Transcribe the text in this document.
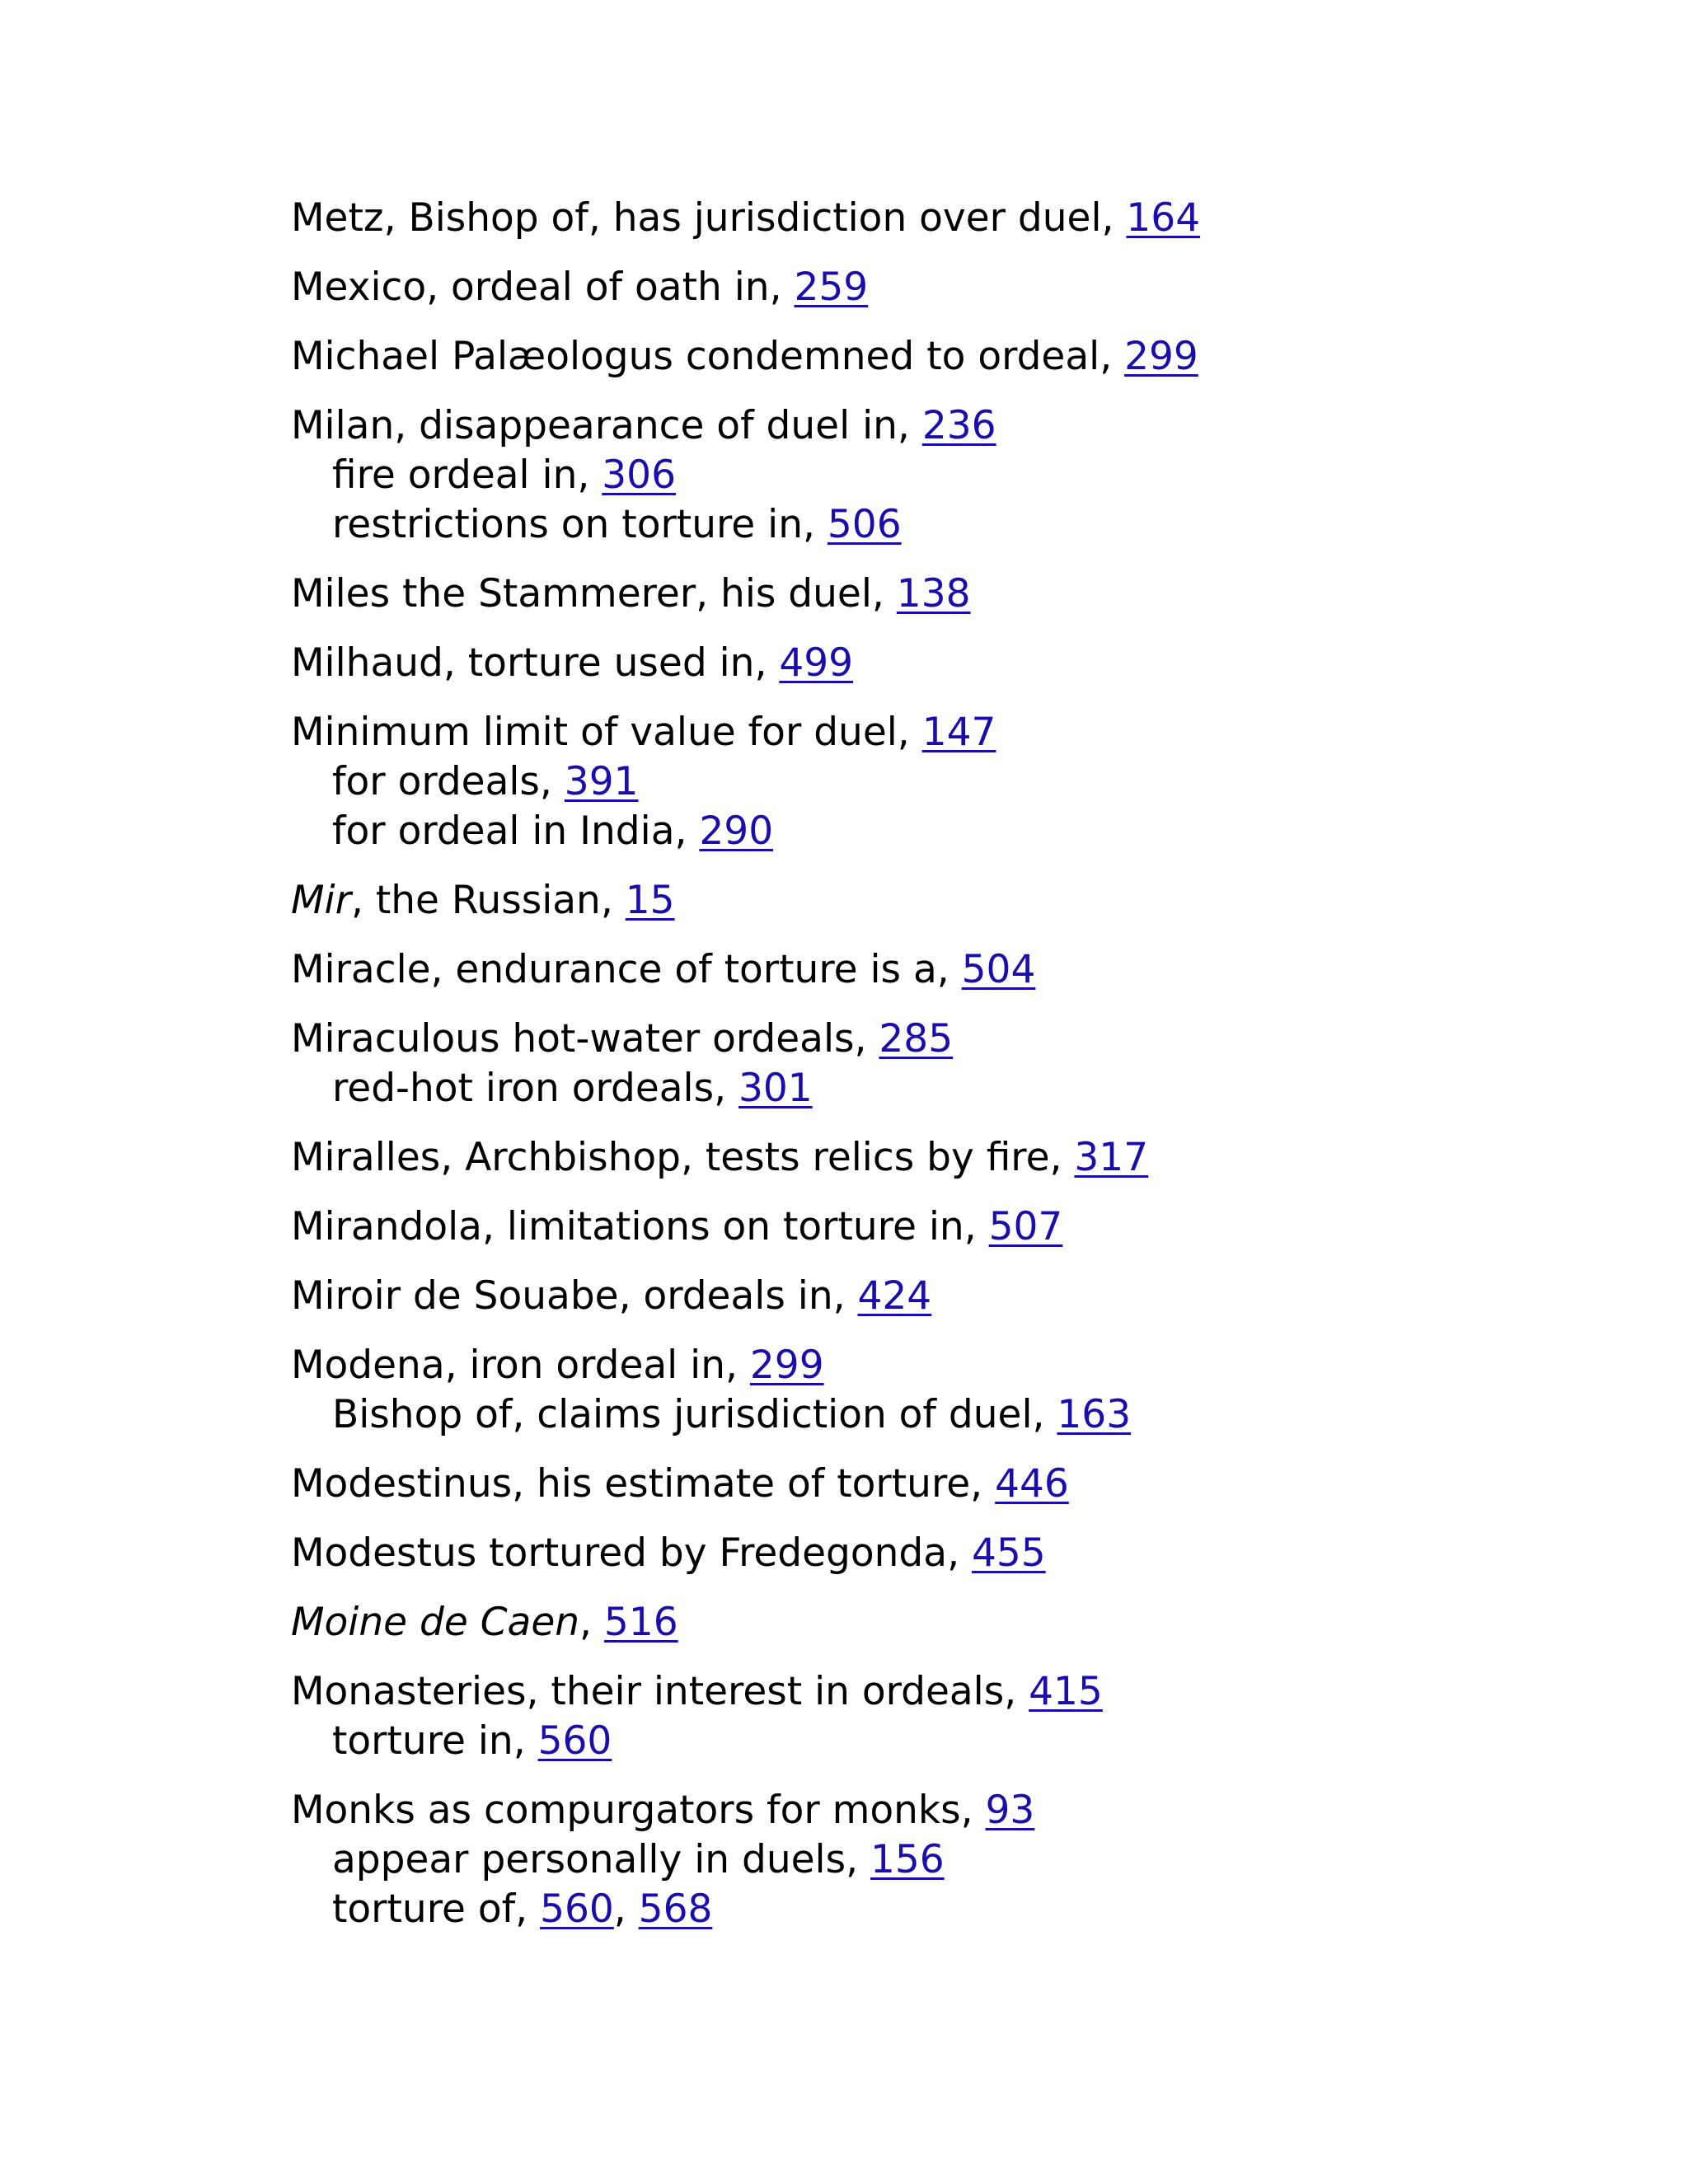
Metz, Bishop of, has jurisdiction over duel, 164
Mexico, ordeal of oath in, 259
Michael Palæologus condemned to ordeal, 299
Milan, disappearance of duel in, 236
fire ordeal in, 306
restrictions on torture in, 506
Miles the Stammerer, his duel, 138
Milhaud, torture used in, 499
Minimum limit of value for duel, 147
for ordeals, 391
for ordeal in India, 290
Mir, the Russian, 15
Miracle, endurance of torture is a, 504
Miraculous hot-water ordeals, 285
red-hot iron ordeals, 301
Miralles, Archbishop, tests relics by fire, 317
Mirandola, limitations on torture in, 507
Miroir de Souabe, ordeals in, 424
Modena, iron ordeal in, 299
Bishop of, claims jurisdiction of duel, 163
Modestinus, his estimate of torture, 446
Modestus tortured by Fredegonda, 455
Moine de Caen, 516
Monasteries, their interest in ordeals, 415
torture in, 560
Monks as compurgators for monks, 93
appear personally in duels, 156
torture of, 560, 568
